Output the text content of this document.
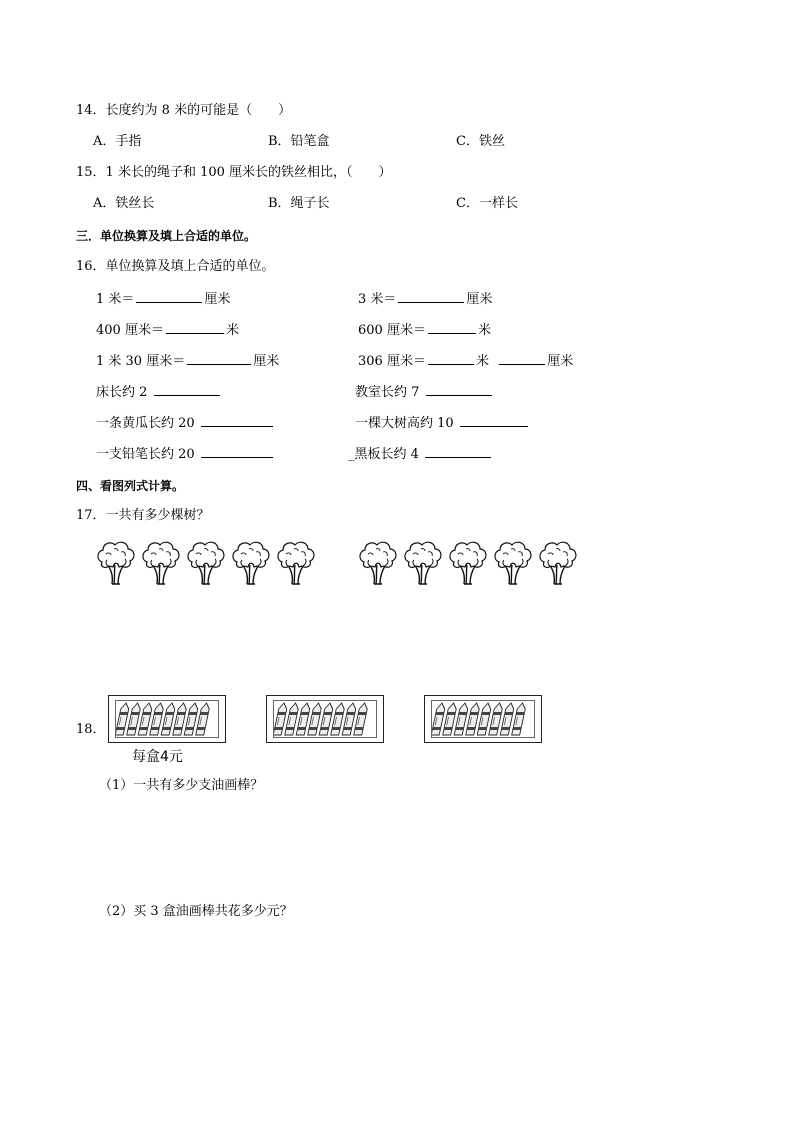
14．长度约为 8 米的可能是（　　）
A．手指	B．铅笔盒	C．铁丝
15．1 米长的绳子和 100 厘米长的铁丝相比，（　　）
A．铁丝长	B．绳子长	C．一样长
三．单位换算及填上合适的单位。
16．单位换算及填上合适的单位。
1 米＝	厘米	3 米＝	厘米
400 厘米＝	米	600 厘米＝	米
1 米 30 厘米＝	厘米	306 厘米＝	米	厘米
床长约 2	教室长约 7
一条黄瓜长约 20	一棵大树高约 10
一支铅笔长约 20	_黑板长约 4
四、看图列式计算。
17．一共有多少棵树？
18．
每盒4元
（1）一共有多少支油画棒？
（2）买 3 盒油画棒共花多少元？
